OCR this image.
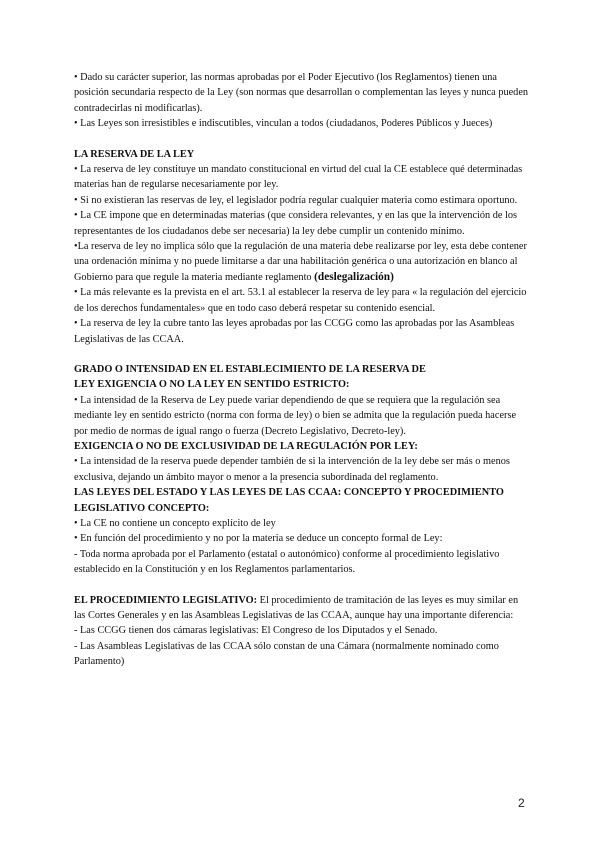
• Dado su carácter superior, las normas aprobadas por el Poder Ejecutivo (los Reglamentos) tienen una posición secundaria respecto de la Ley (son normas que desarrollan o complementan las leyes y nunca pueden contradecirlas ni modificarlas).

• Las Leyes son irresistibles e indiscutibles, vinculan a todos (ciudadanos, Poderes Públicos y Jueces)

LA RESERVA DE LA LEY

• La reserva de ley constituye un mandato constitucional en virtud del cual la CE establece qué determinadas materias han de regularse necesariamente por ley.

• Si no existieran las reservas de ley, el legislador podría regular cualquier materia como estimara oportuno.

• La CE impone que en determinadas materias (que considera relevantes, y en las que la intervención de los representantes de los ciudadanos debe ser necesaria) la ley debe cumplir un contenido mínimo.

•La reserva de ley no implica sólo que la regulación de una materia debe realizarse por ley, esta debe contener una ordenación mínima y no puede limitarse a dar una habilitación genérica o una autorización en blanco al Gobierno para que regule la materia mediante reglamento (deslegalización)

• La más relevante es la prevista en el art. 53.1 al establecer la reserva de ley para « la regulación del ejercicio de los derechos fundamentales» que en todo caso deberá respetar su contenido esencial.

• La reserva de ley la cubre tanto las leyes aprobadas por las CCGG como las aprobadas por las Asambleas Legislativas de las CCAA.

GRADO O INTENSIDAD EN EL ESTABLECIMIENTO DE LA RESERVA DE

LEY EXIGENCIA O NO LA LEY EN SENTIDO ESTRICTO:

• La intensidad de la Reserva de Ley puede variar dependiendo de que se requiera que la regulación sea mediante ley en sentido estricto (norma con forma de ley) o bien se admita que la regulación pueda hacerse por medio de normas de igual rango o fuerza (Decreto Legislativo, Decreto-ley).

EXIGENCIA O NO DE EXCLUSIVIDAD DE LA REGULACIÓN POR LEY:

• La intensidad de la reserva puede depender también de si la intervención de la ley debe ser más o menos exclusiva, dejando un ámbito mayor o menor a la presencia subordinada del reglamento.

LAS LEYES DEL ESTADO Y LAS LEYES DE LAS CCAA: CONCEPTO Y PROCEDIMIENTO

LEGISLATIVO CONCEPTO:

• La CE no contiene un concepto explícito de ley

• En función del procedimiento y no por la materia se deduce un concepto formal de Ley:

- Toda norma aprobada por el Parlamento (estatal o autonómico) conforme al procedimiento legislativo establecido en la Constitución y en los Reglamentos parlamentarios.

EL PROCEDIMIENTO LEGISLATIVO: El procedimiento de tramitación de las leyes es muy similar en las Cortes Generales y en las Asambleas Legislativas de las CCAA, aunque hay una importante diferencia:

- Las CCGG tienen dos cámaras legislativas: El Congreso de los Diputados y el Senado.

- Las Asambleas Legislativas de las CCAA sólo constan de una Cámara (normalmente nominado como Parlamento)

2
